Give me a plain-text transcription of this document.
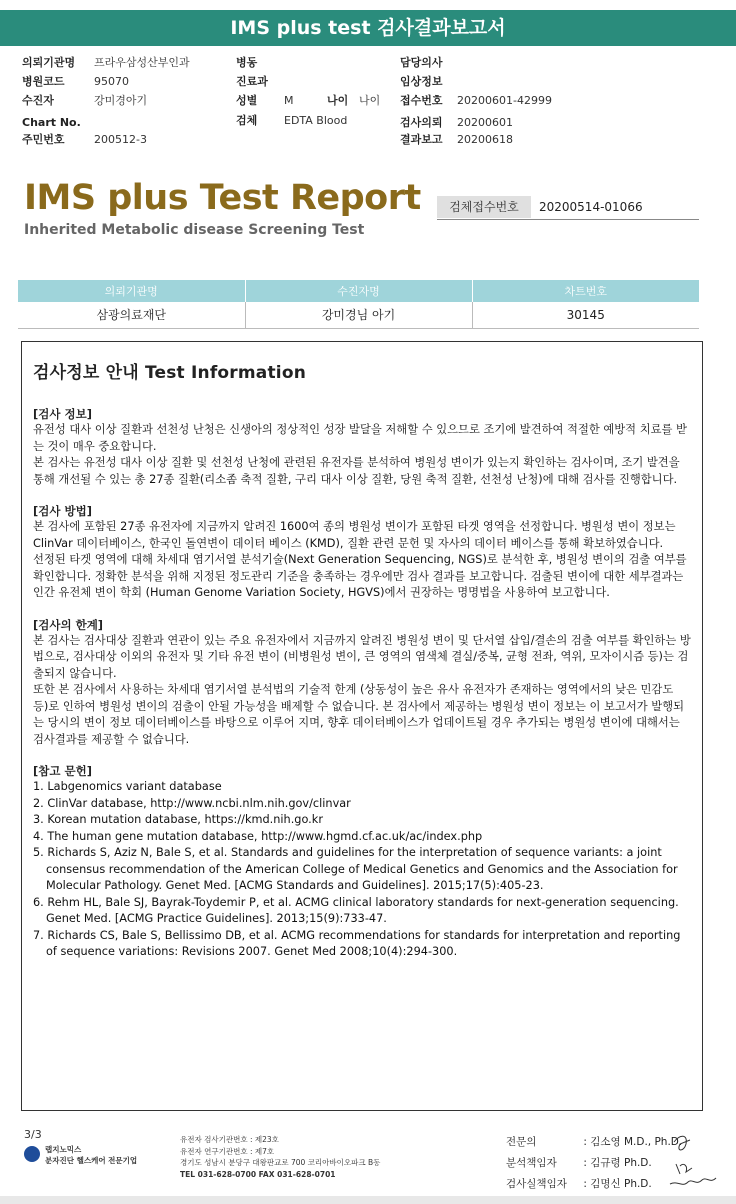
IMS plus test 검사결과보고서
의뢰기관명 프라우삼성산부인과
병원코드	95070
수진자	강미경아기
Chart No.
주민번호	200512-3
병동
진료과
성별 M	나이 나이
검체 EDTA Blood
담당의사
임상정보
접수번호 20200601-42999
검사의뢰 20200601
결과보고 20200618
IMS plus Test Report
Inherited Metabolic disease Screening Test
검체접수번호	20200514-01066
의뢰기관명	수진자명	차트번호
삼광의료재단	강미경님 아기	30145
검사정보 안내 Test Information
[검사 정보]

유전성 대사 이상 질환과 선천성 난청은 신생아의 정상적인 성장 발달을 저해할 수 있으므로 조기에 발견하여 적절한 예방적 치료를 받는 것이 매우 중요합니다.

본 검사는 유전성 대사 이상 질환 및 선천성 난청에 관련된 유전자를 분석하여 병원성 변이가 있는지 확인하는 검사이며, 조기 발견을 통해 개선될 수 있는 총 27종 질환(리소좀 축적 질환, 구리 대사 이상 질환, 당원 축적 질환, 선천성 난청)에 대해 검사를 진행합니다.

[검사 방법]

본 검사에 포함된 27종 유전자에 지금까지 알려진 1600여 종의 병원성 변이가 포함된 타겟 영역을 선정합니다. 병원성 변이 정보는 ClinVar 데이터베이스, 한국인 돌연변이 데이터 베이스 (KMD), 질환 관련 문헌 및 자사의 데이터 베이스를 통해 확보하였습니다.

선정된 타겟 영역에 대해 차세대 염기서열 분석기술(Next Generation Sequencing, NGS)로 분석한 후, 병원성 변이의 검출 여부를 확인합니다. 정확한 분석을 위해 지정된 정도관리 기준을 충족하는 경우에만 검사 결과를 보고합니다. 검출된 변이에 대한 세부결과는 인간 유전체 변이 학회 (Human Genome Variation Society, HGVS)에서 권장하는 명명법을 사용하여 보고합니다.

[검사의 한계]

본 검사는 검사대상 질환과 연관이 있는 주요 유전자에서 지금까지 알려진 병원성 변이 및 단서열 삽입/결손의 검출 여부를 확인하는 방법으로, 검사대상 이외의 유전자 및 기타 유전 변이 (비병원성 변이, 큰 영역의 염색체 결실/중복, 균형 전좌, 역위, 모자이시즘 등)는 검출되지 않습니다.

또한 본 검사에서 사용하는 차세대 염기서열 분석법의 기술적 한계 (상동성이 높은 유사 유전자가 존재하는 영역에서의 낮은 민감도 등)로 인하여 병원성 변이의 검출이 안될 가능성을 배제할 수 없습니다. 본 검사에서 제공하는 병원성 변이 정보는 이 보고서가 발행되는 당시의 변이 정보 데이터베이스를 바탕으로 이루어 지며, 향후 데이터베이스가 업데이트될 경우 추가되는 병원성 변이에 대해서는 검사결과를 제공할 수 없습니다.

[참고 문헌]
1. Labgenomics variant database
2. ClinVar database, http://www.ncbi.nlm.nih.gov/clinvar
3. Korean mutation database, https://kmd.nih.go.kr
4. The human gene mutation database, http://www.hgmd.cf.ac.uk/ac/index.php
5. Richards S, Aziz N, Bale S, et al. Standards and guidelines for the interpretation of sequence variants: a joint consensus recommendation of the American College of Medical Genetics and Genomics and the Association for Molecular Pathology. Genet Med. [ACMG Standards and Guidelines]. 2015;17(5):405-23.
6. Rehm HL, Bale SJ, Bayrak-Toydemir P, et al. ACMG clinical laboratory standards for next-generation sequencing. Genet Med. [ACMG Practice Guidelines]. 2013;15(9):733-47.
7. Richards CS, Bale S, Bellissimo DB, et al. ACMG recommendations for standards for interpretation and reporting of sequence variations: Revisions 2007. Genet Med 2008;10(4):294-300.
3/3
랩지노믹스
분자진단 헬스케어 전문기업
유전자 검사기관번호 : 제23호
유전자 연구기관번호 : 제7호
경기도 성남시 분당구 대왕판교로 700 코리아바이오파크 B동
TEL 031-628-0700 FAX 031-628-0701
전문의	: 김소영 M.D., Ph.D.
분석책임자	: 김규령 Ph.D.
검사실책임자 : 김명신 Ph.D.
